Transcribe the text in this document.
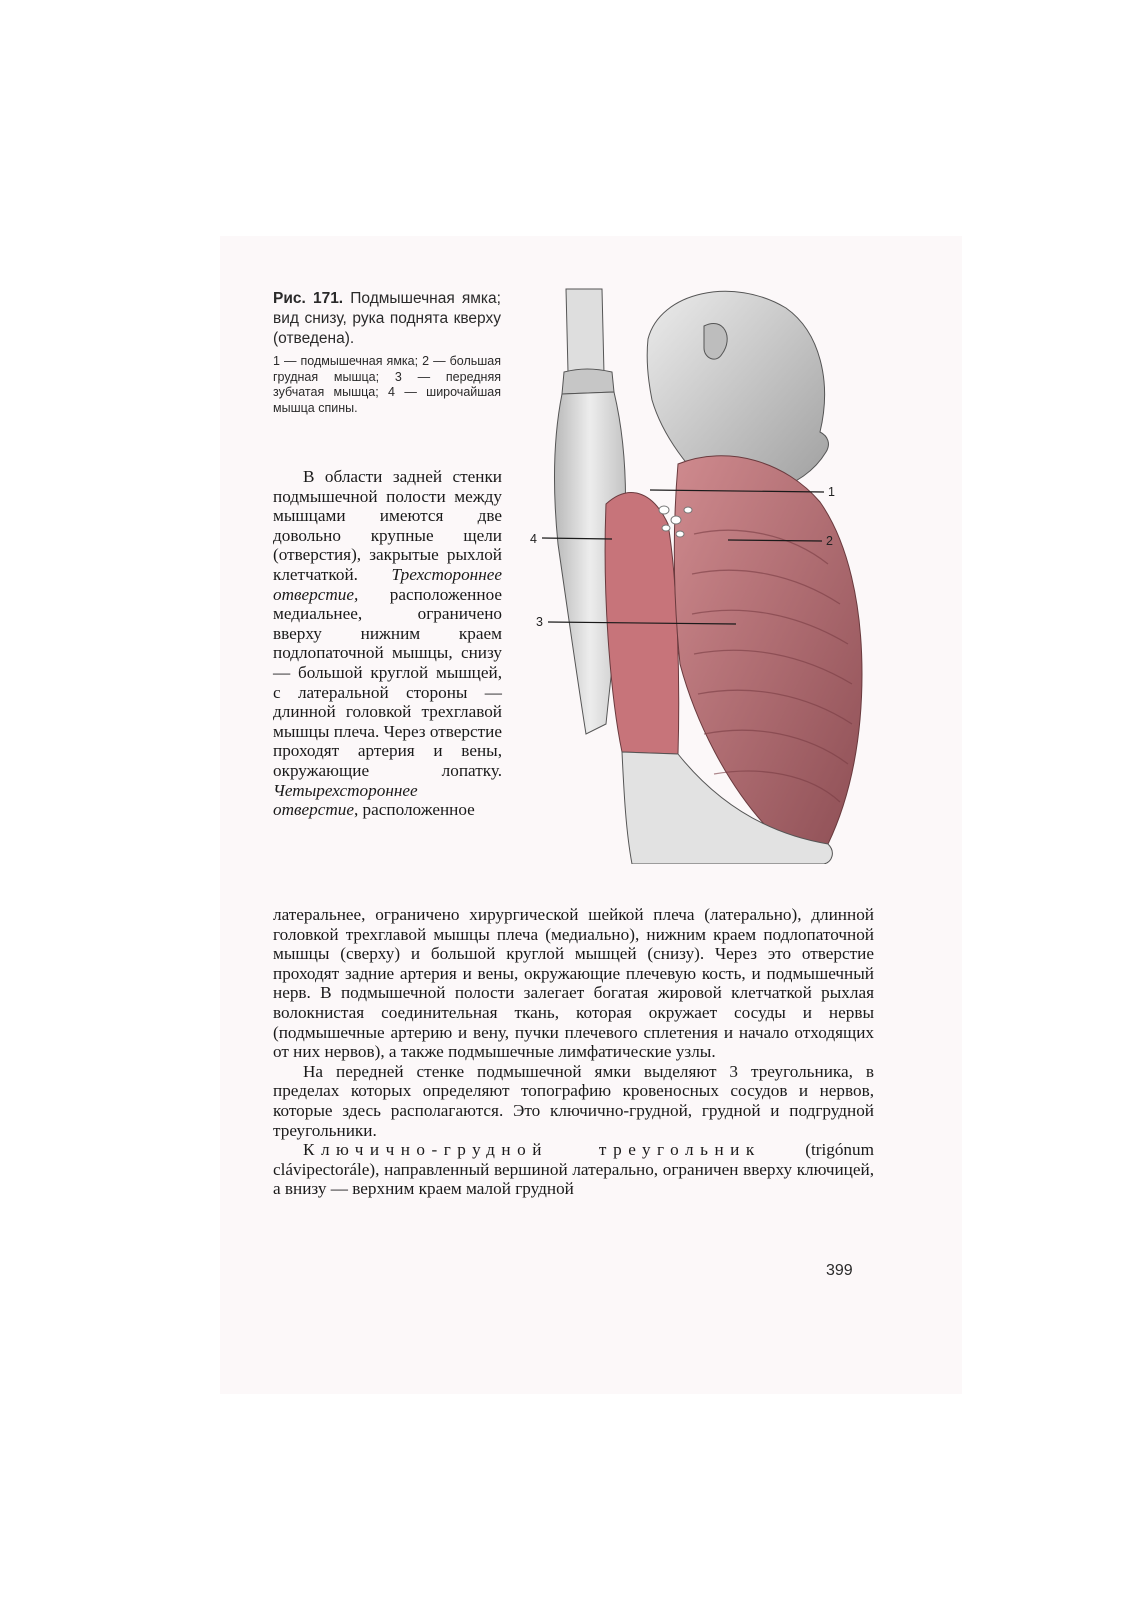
Рис. 171. Подмышечная ямка; вид снизу, рука поднята кверху (отведена).
1 — подмышечная ямка; 2 — большая грудная мышца; 3 — передняя зубчатая мышца; 4 — широчайшая мышца спины.
1
2
4
3

В области задней стенки подмышечной полости между мышцами имеются две довольно крупные щели (отверстия), закрытые рыхлой клетчаткой. Трехстороннее отверстие, расположенное медиальнее, ограничено вверху нижним краем подлопаточной мышцы, снизу — большой круглой мышцей, с латеральной стороны — длинной головкой трехглавой мышцы плеча. Через отверстие проходят артерия и вены, окружающие лопатку. Четырехстороннее отверстие, расположенное

латеральнее, ограничено хирургической шейкой плеча (латерально), длинной головкой трехглавой мышцы плеча (медиально), нижним краем подлопаточной мышцы (сверху) и большой круглой мышцей (снизу). Через это отверстие проходят задние артерия и вены, окружающие плечевую кость, и подмышечный нерв. В подмышечной полости залегает богатая жировой клетчаткой рыхлая волокнистая соединительная ткань, которая окружает сосуды и нервы (подмышечные артерию и вену, пучки плечевого сплетения и начало отходящих от них нервов), а также подмышечные лимфатические узлы.

На передней стенке подмышечной ямки выделяют 3 треугольника, в пределах которых определяют топографию кровеносных сосудов и нервов, которые здесь располагаются. Это ключично-грудной, грудной и подгрудной треугольники.

Ключично-грудной треугольник (trigónum clávipectorále), направленный вершиной латерально, ограничен вверху ключицей, а внизу — верхним краем малой грудной

399
